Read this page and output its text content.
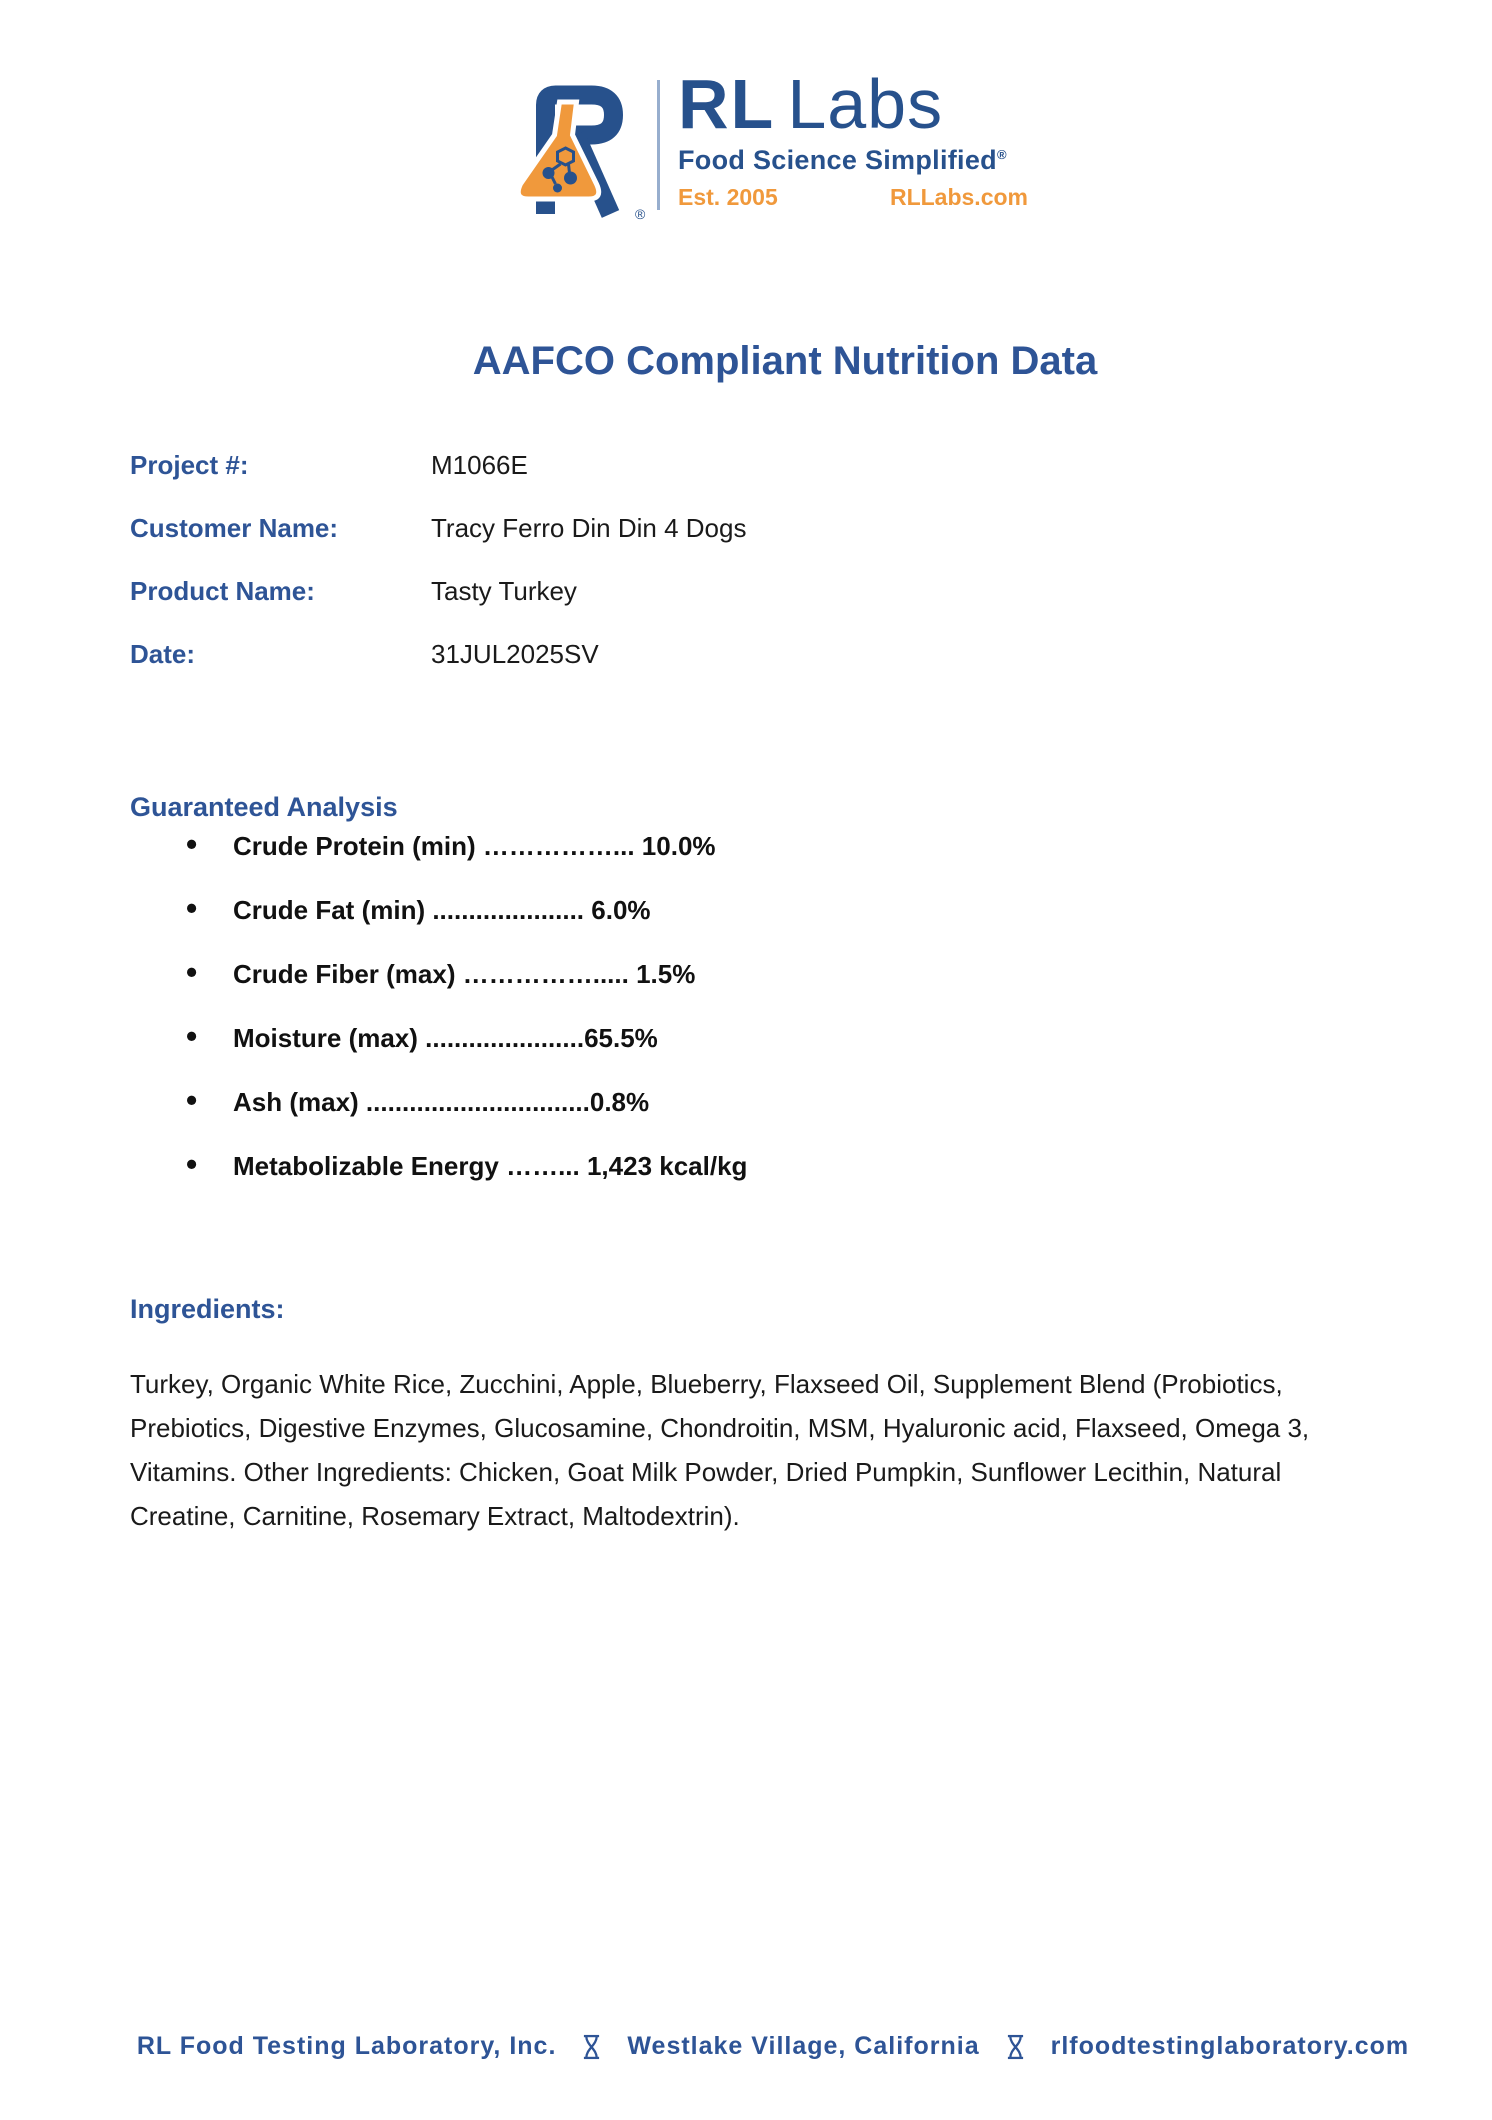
®
RL Labs
Food Science Simplified®
Est. 2005	RLLabs.com
AAFCO Compliant Nutrition Data
Project #:	M1066E
Customer Name:	Tracy Ferro Din Din 4 Dogs
Product Name:	Tasty Turkey
Date:	31JUL2025SV
Guaranteed Analysis
• Crude Protein (min) ……………... 10.0%
• Crude Fat (min) ..................... 6.0%
• Crude Fiber (max) ……………..... 1.5%
• Moisture (max) ......................65.5%
• Ash (max) ...............................0.8%
• Metabolizable Energy ……... 1,423 kcal/kg
Ingredients:

Turkey, Organic White Rice, Zucchini, Apple, Blueberry, Flaxseed Oil, Supplement Blend (Probiotics, Prebiotics, Digestive Enzymes, Glucosamine, Chondroitin, MSM, Hyaluronic acid, Flaxseed, Omega 3, Vitamins. Other Ingredients: Chicken, Goat Milk Powder, Dried Pumpkin, Sunflower Lecithin, Natural Creatine, Carnitine, Rosemary Extract, Maltodextrin).

RL Food Testing Laboratory, Inc.	Westlake Village, California	rlfoodtestinglaboratory.com
